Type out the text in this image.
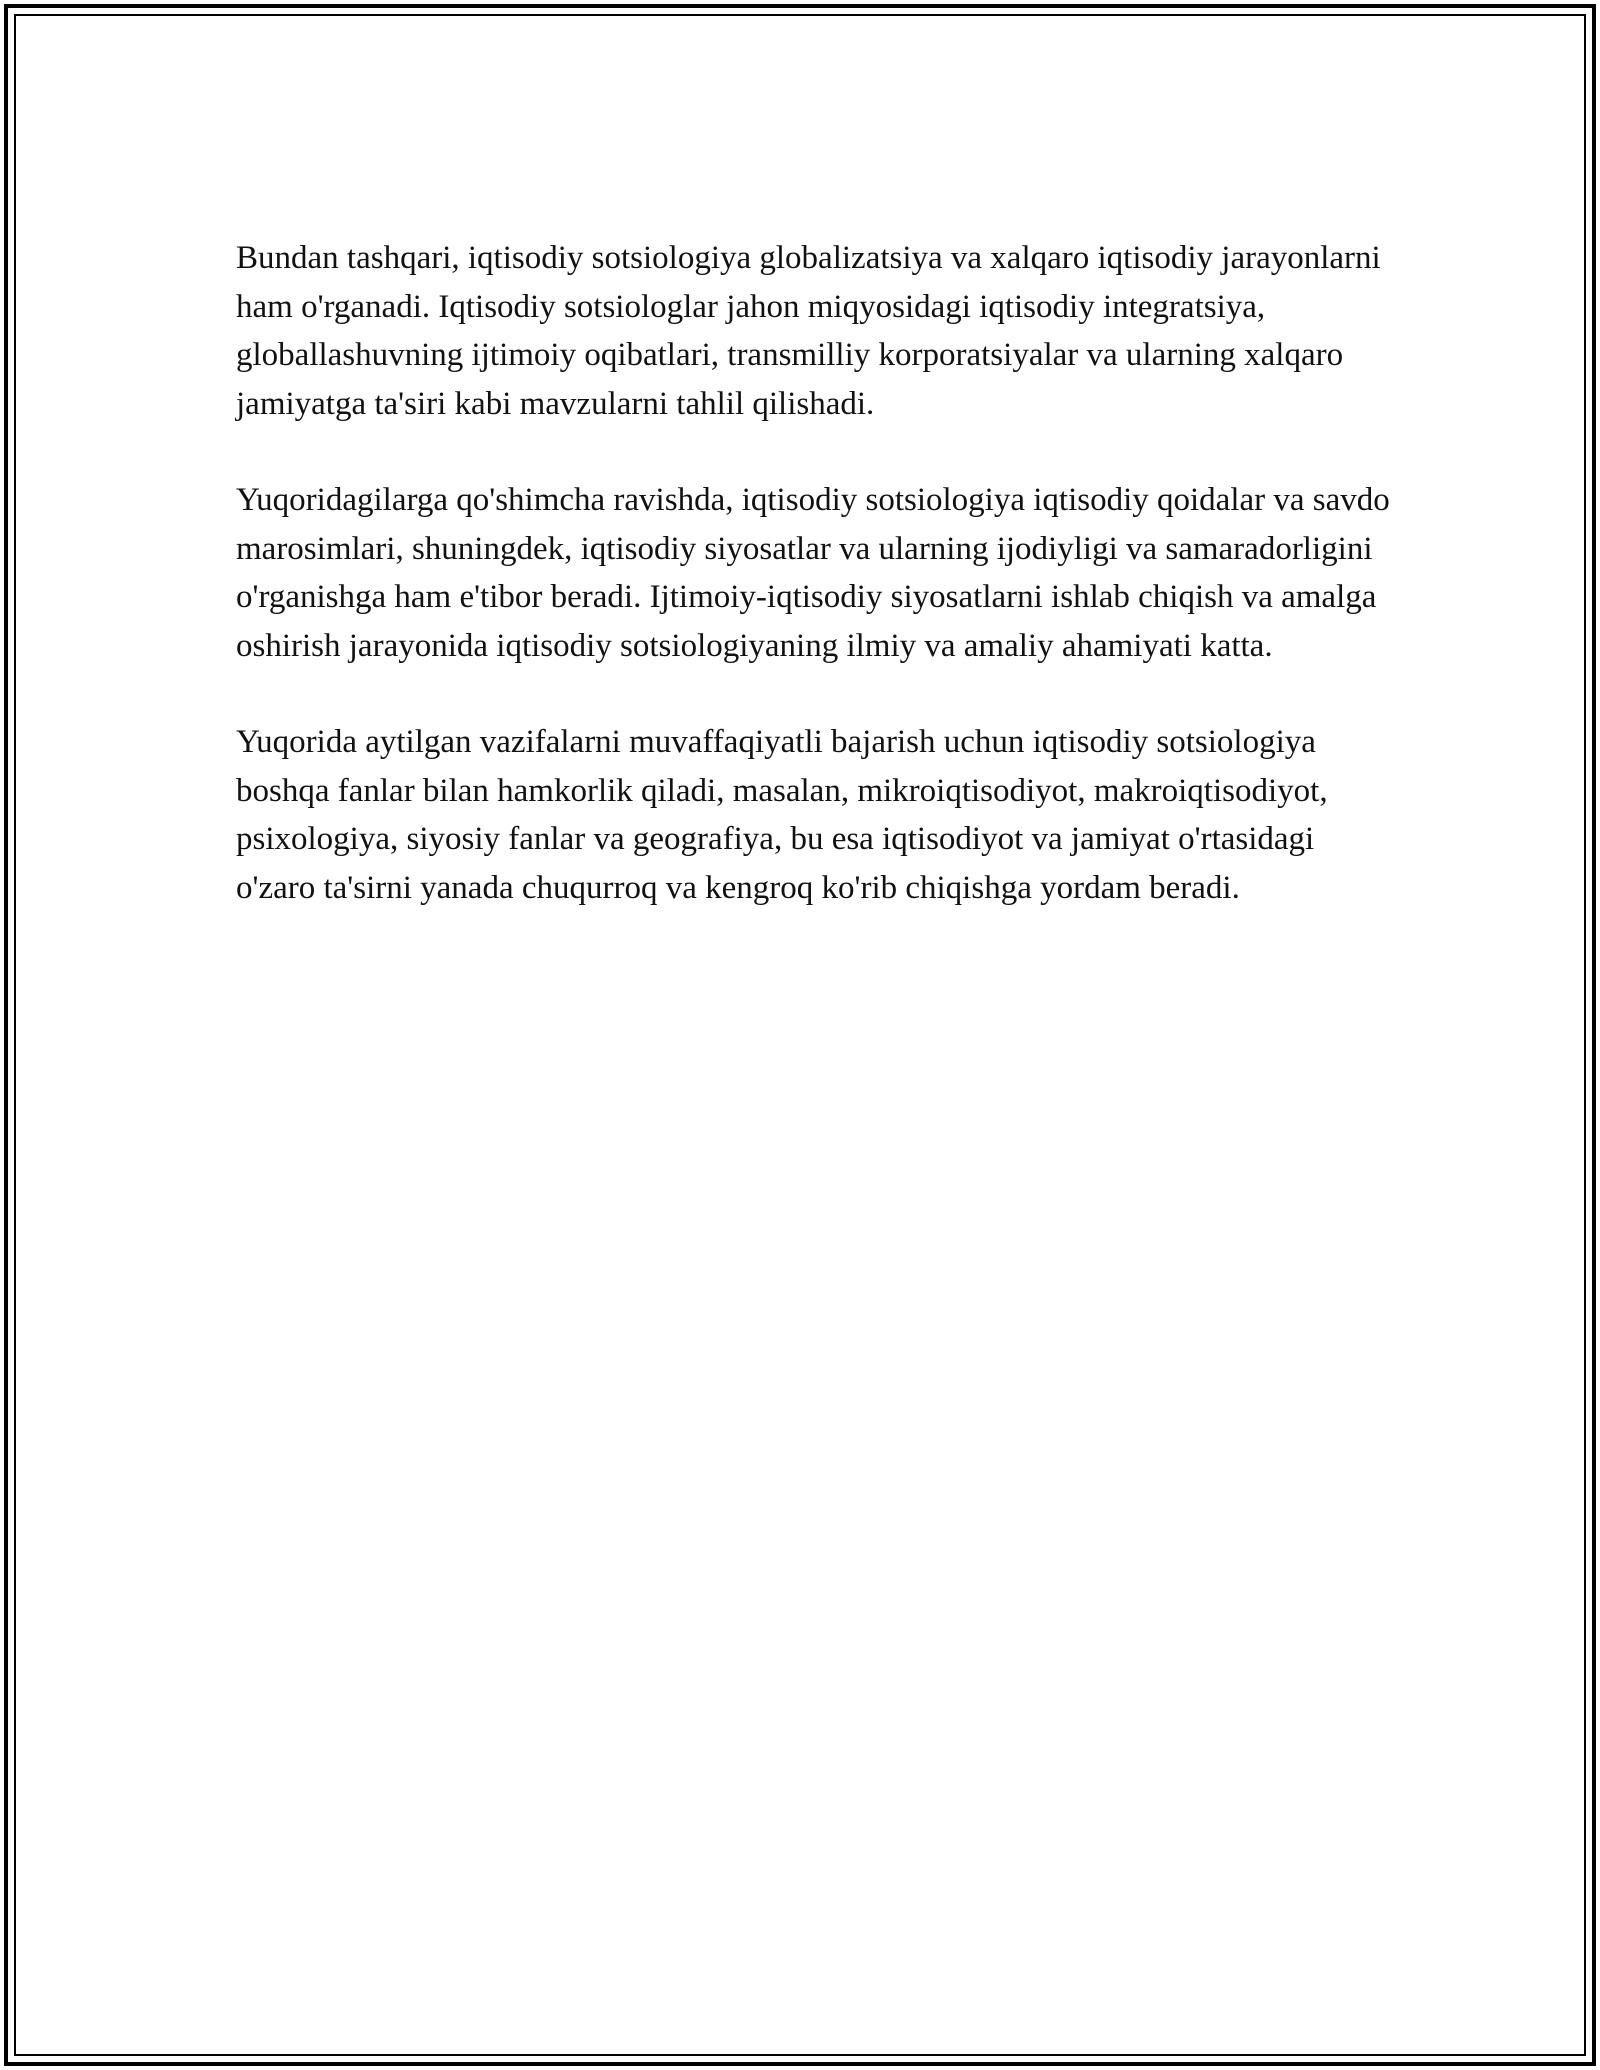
Bundan tashqari, iqtisodiy sotsiologiya globalizatsiya va xalqaro iqtisodiy jarayonlarni ham o'rganadi. Iqtisodiy sotsiologlar jahon miqyosidagi iqtisodiy integratsiya, globallashuvning ijtimoiy oqibatlari, transmilliy korporatsiyalar va ularning xalqaro jamiyatga ta'siri kabi mavzularni tahlil qilishadi.

Yuqoridagilarga qo'shimcha ravishda, iqtisodiy sotsiologiya iqtisodiy qoidalar va savdo marosimlari, shuningdek, iqtisodiy siyosatlar va ularning ijodiyligi va samaradorligini o'rganishga ham e'tibor beradi. Ijtimoiy-iqtisodiy siyosatlarni ishlab chiqish va amalga oshirish jarayonida iqtisodiy sotsiologiyaning ilmiy va amaliy ahamiyati katta.

Yuqorida aytilgan vazifalarni muvaffaqiyatli bajarish uchun iqtisodiy sotsiologiya boshqa fanlar bilan hamkorlik qiladi, masalan, mikroiqtisodiyot, makroiqtisodiyot, psixologiya, siyosiy fanlar va geografiya, bu esa iqtisodiyot va jamiyat o'rtasidagi o'zaro ta'sirni yanada chuqurroq va kengroq ko'rib chiqishga yordam beradi.
